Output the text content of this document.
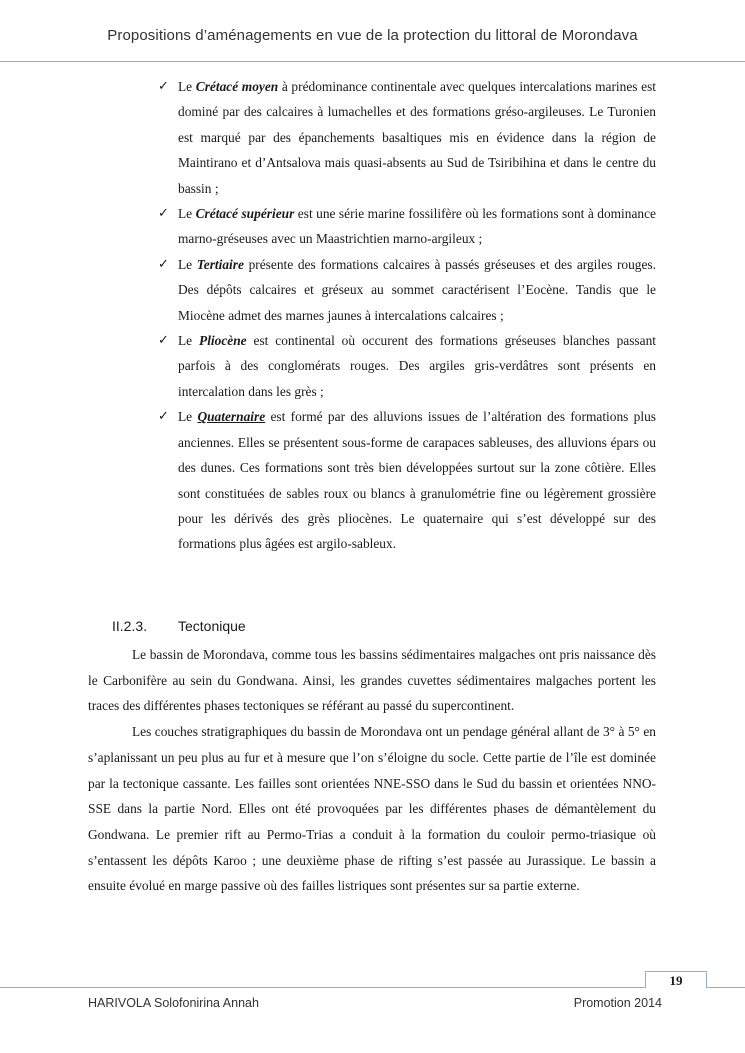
Propositions d’aménagements en vue de la protection du littoral de Morondava
✓ Le Crétacé moyen à prédominance continentale avec quelques intercalations marines est dominé par des calcaires à lumachelles et des formations gréso-argileuses. Le Turonien est marqué par des épanchements basaltiques mis en évidence dans la région de Maintirano et d’Antsalova mais quasi-absents au Sud de Tsiribihina et dans le centre du bassin ;
✓ Le Crétacé supérieur est une série marine fossilifère où les formations sont à dominance marno-gréseuses avec un Maastrichtien marno-argileux ;
✓ Le Tertiaire présente des formations calcaires à passés gréseuses et des argiles rouges. Des dépôts calcaires et gréseux au sommet caractérisent l’Eocène. Tandis que le Miocène admet des marnes jaunes à intercalations calcaires ;
✓ Le Pliocène est continental où occurent des formations gréseuses blanches passant parfois à des conglomérats rouges. Des argiles gris-verdâtres sont présents en intercalation dans les grès ;
✓ Le Quaternaire est formé par des alluvions issues de l’altération des formations plus anciennes. Elles se présentent sous-forme de carapaces sableuses, des alluvions épars ou des dunes. Ces formations sont très bien développées surtout sur la zone côtière. Elles sont constituées de sables roux ou blancs à granulométrie fine ou légèrement grossière pour les dérivés des grès pliocènes. Le quaternaire qui s’est développé sur des formations plus âgées est argilo-sableux.
II.2.3. Tectonique

Le bassin de Morondava, comme tous les bassins sédimentaires malgaches ont pris naissance dès le Carbonifère au sein du Gondwana. Ainsi, les grandes cuvettes sédimentaires malgaches portent les traces des différentes phases tectoniques se référant au passé du supercontinent.

Les couches stratigraphiques du bassin de Morondava ont un pendage général allant de 3° à 5° en s’aplanissant un peu plus au fur et à mesure que l’on s’éloigne du socle. Cette partie de l’île est dominée par la tectonique cassante. Les failles sont orientées NNE-SSO dans le Sud du bassin et orientées NNO-SSE dans la partie Nord. Elles ont été provoquées par les différentes phases de démantèlement du Gondwana. Le premier rift au Permo-Trias a conduit à la formation du couloir permo-triasique où s’entassent les dépôts Karoo ; une deuxième phase de rifting s’est passée au Jurassique. Le bassin a ensuite évolué en marge passive où des failles listriques sont présentes sur sa partie externe.

19
HARIVOLA Solofonirina Annah	Promotion 2014
